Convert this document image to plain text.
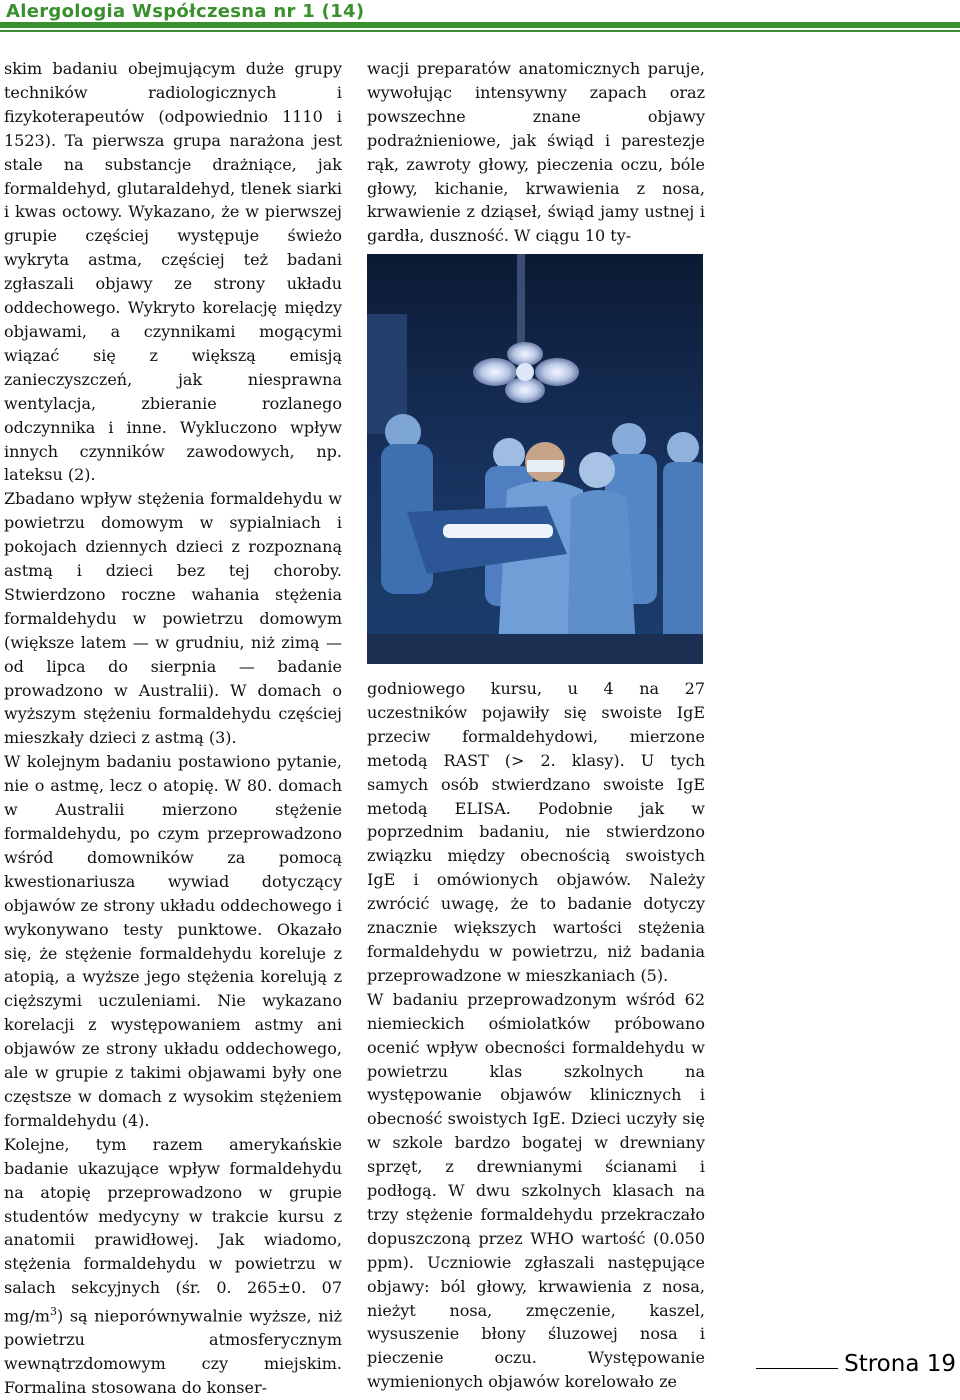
Alergologia Współczesna nr 1 (14)

skim badaniu obejmującym duże grupy techników radiologicznych i fizykoterapeutów (odpowiednio 1110 i 1523). Ta pierwsza grupa narażona jest stale na substancje drażniące, jak formaldehyd, glutaraldehyd, tlenek siarki i kwas octowy. Wykazano, że w pierwszej grupie częściej występuje świeżo wykryta astma, częściej też badani zgłaszali objawy ze strony układu oddechowego. Wykryto korelację między objawami, a czynnikami mogącymi wiązać się z większą emisją zanieczyszczeń, jak niesprawna wentylacja, zbieranie rozlanego odczynnika i inne. Wykluczono wpływ innych czynników zawodowych, np. lateksu (2).

Zbadano wpływ stężenia formaldehydu w powietrzu domowym w sypialniach i pokojach dziennych dzieci z rozpoznaną astmą i dzieci bez tej choroby. Stwierdzono roczne wahania stężenia formaldehydu w powietrzu domowym (większe latem — w grudniu, niż zimą — od lipca do sierpnia — badanie prowadzono w Australii). W domach o wyższym stężeniu formaldehydu częściej mieszkały dzieci z astmą (3).

W kolejnym badaniu postawiono pytanie, nie o astmę, lecz o atopię. W 80. domach w Australii mierzono stężenie formaldehydu, po czym przeprowadzono wśród domowników za pomocą kwestionariusza wywiad dotyczący objawów ze strony układu oddechowego i wykonywano testy punktowe. Okazało się, że stężenie formaldehydu koreluje z atopią, a wyższe jego stężenia korelują z cięższymi uczuleniami. Nie wykazano korelacji z występowaniem astmy ani objawów ze strony układu oddechowego, ale w grupie z takimi objawami były one częstsze w domach z wysokim stężeniem formaldehydu (4).

Kolejne, tym razem amerykańskie badanie ukazujące wpływ formaldehydu na atopię przeprowadzono w grupie studentów medycyny w trakcie kursu z anatomii prawidłowej. Jak wiadomo, stężenia formaldehydu w powietrzu w salach sekcyjnych (śr. 0. 265±0. 07 $mg/m^3$) są nieporównywalnie wyższe, niż powietrzu atmosferycznym wewnątrzdomowym czy miejskim. Formalina stosowana do konser-

wacji preparatów anatomicznych paruje, wywołując intensywny zapach oraz powszechne znane objawy podrażnieniowe, jak świąd i parestezje rąk, zawroty głowy, pieczenia oczu, bóle głowy, kichanie, krwawienia z nosa, krwawienie z dziąseł, świąd jamy ustnej i gardła, duszność. W ciągu 10 ty-

godniowego kursu, u 4 na 27 uczestników pojawiły się swoiste IgE przeciw formaldehydowi, mierzone metodą RAST (> 2. klasy). U tych samych osób stwierdzano swoiste IgE metodą ELISA. Podobnie jak w poprzednim badaniu, nie stwierdzono związku między obecnością swoistych IgE i omówionych objawów. Należy zwrócić uwagę, że to badanie dotyczy znacznie większych wartości stężenia formaldehydu w powietrzu, niż badania przeprowadzone w mieszkaniach (5).

W badaniu przeprowadzonym wśród 62 niemieckich ośmiolatków próbowano ocenić wpływ obecności formaldehydu w powietrzu klas szkolnych na występowanie objawów klinicznych i obecność swoistych IgE. Dzieci uczyły się w szkole bardzo bogatej w drewniany sprzęt, z drewnianymi ścianami i podłogą. W dwu szkolnych klasach na trzy stężenie formaldehydu przekraczało dopuszczoną przez WHO wartość (0.050 ppm). Uczniowie zgłaszali następujące objawy: ból głowy, krwawienia z nosa, nieżyt nosa, zmęczenie, kaszel, wysuszenie błony śluzowej nosa i pieczenie oczu. Występowanie wymienionych objawów korelowało ze

Strona 19
